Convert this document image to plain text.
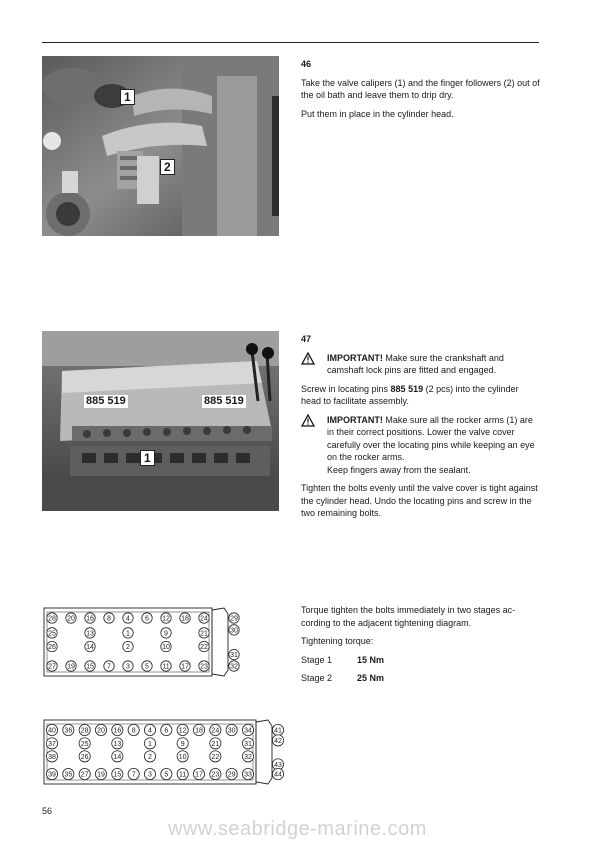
1
2
46

Take the valve calipers (1) and the finger followers (2) out of the oil bath and leave them to drip dry.

Put them in place in the cylinder head.

885 519	885 519
1
47
IMPORTANT! Make sure the crankshaft and camshaft lock pins are fitted and engaged.

Screw in locating pins 885 519 (2 pcs) into the cylinder head to facilitate assembly.

IMPORTANT! Make sure all the rocker arms (1) are in their correct positions. Lower the valve cover carefully over the locating pins while keeping an eye on the rocker arms.
Keep fingers away from the sealant.

Tighten the bolts evenly until the valve cover is tight against the cylinder head. Undo the locating pins and screw in the two remaining bolts.

Torque tighten the bolts immediately in two stages ac-cording to the adjacent tightening diagram.

Tightening torque:

Stage 1	15 Nm
Stage 2	25 Nm
28 20 16 8 4 6 12 18 24
27 19 15 7 3 5 11 17 23
25	13	1	9	21
26	14	2	10	22
29
30
31
32
40 36 28 20 16 8 4 6 12 18 24 30 34
39 35 27 19 15 7 3 5 11 17 23 29 33
37	25	13	1	9	21	31
38	26	14	2	10	22	32
41
42
43
44
56
www.seabridge-marine.com
